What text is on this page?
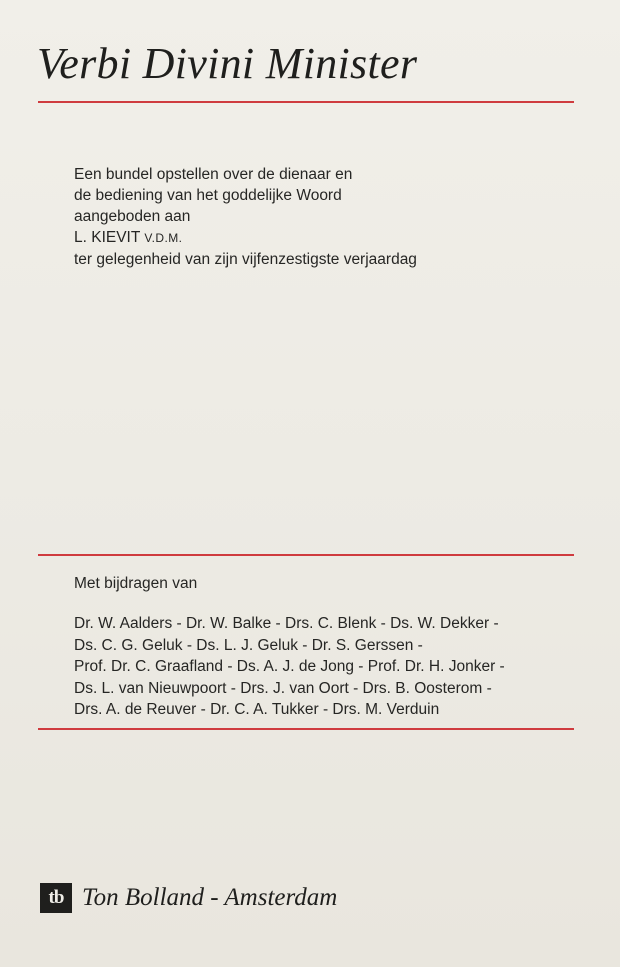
Verbi Divini Minister
Een bundel opstellen over de dienaar en
de bediening van het goddelijke Woord
aangeboden aan
L. KIEVIT V.D.M.
ter gelegenheid van zijn vijfenzestigste verjaardag
Met bijdragen van
Dr. W. Aalders - Dr. W. Balke - Drs. C. Blenk - Ds. W. Dekker -
Ds. C. G. Geluk - Ds. L. J. Geluk - Dr. S. Gerssen -
Prof. Dr. C. Graafland - Ds. A. J. de Jong - Prof. Dr. H. Jonker -
Ds. L. van Nieuwpoort - Drs. J. van Oort - Drs. B. Oosterom -
Drs. A. de Reuver - Dr. C. A. Tukker - Drs. M. Verduin
tb Ton Bolland - Amsterdam
